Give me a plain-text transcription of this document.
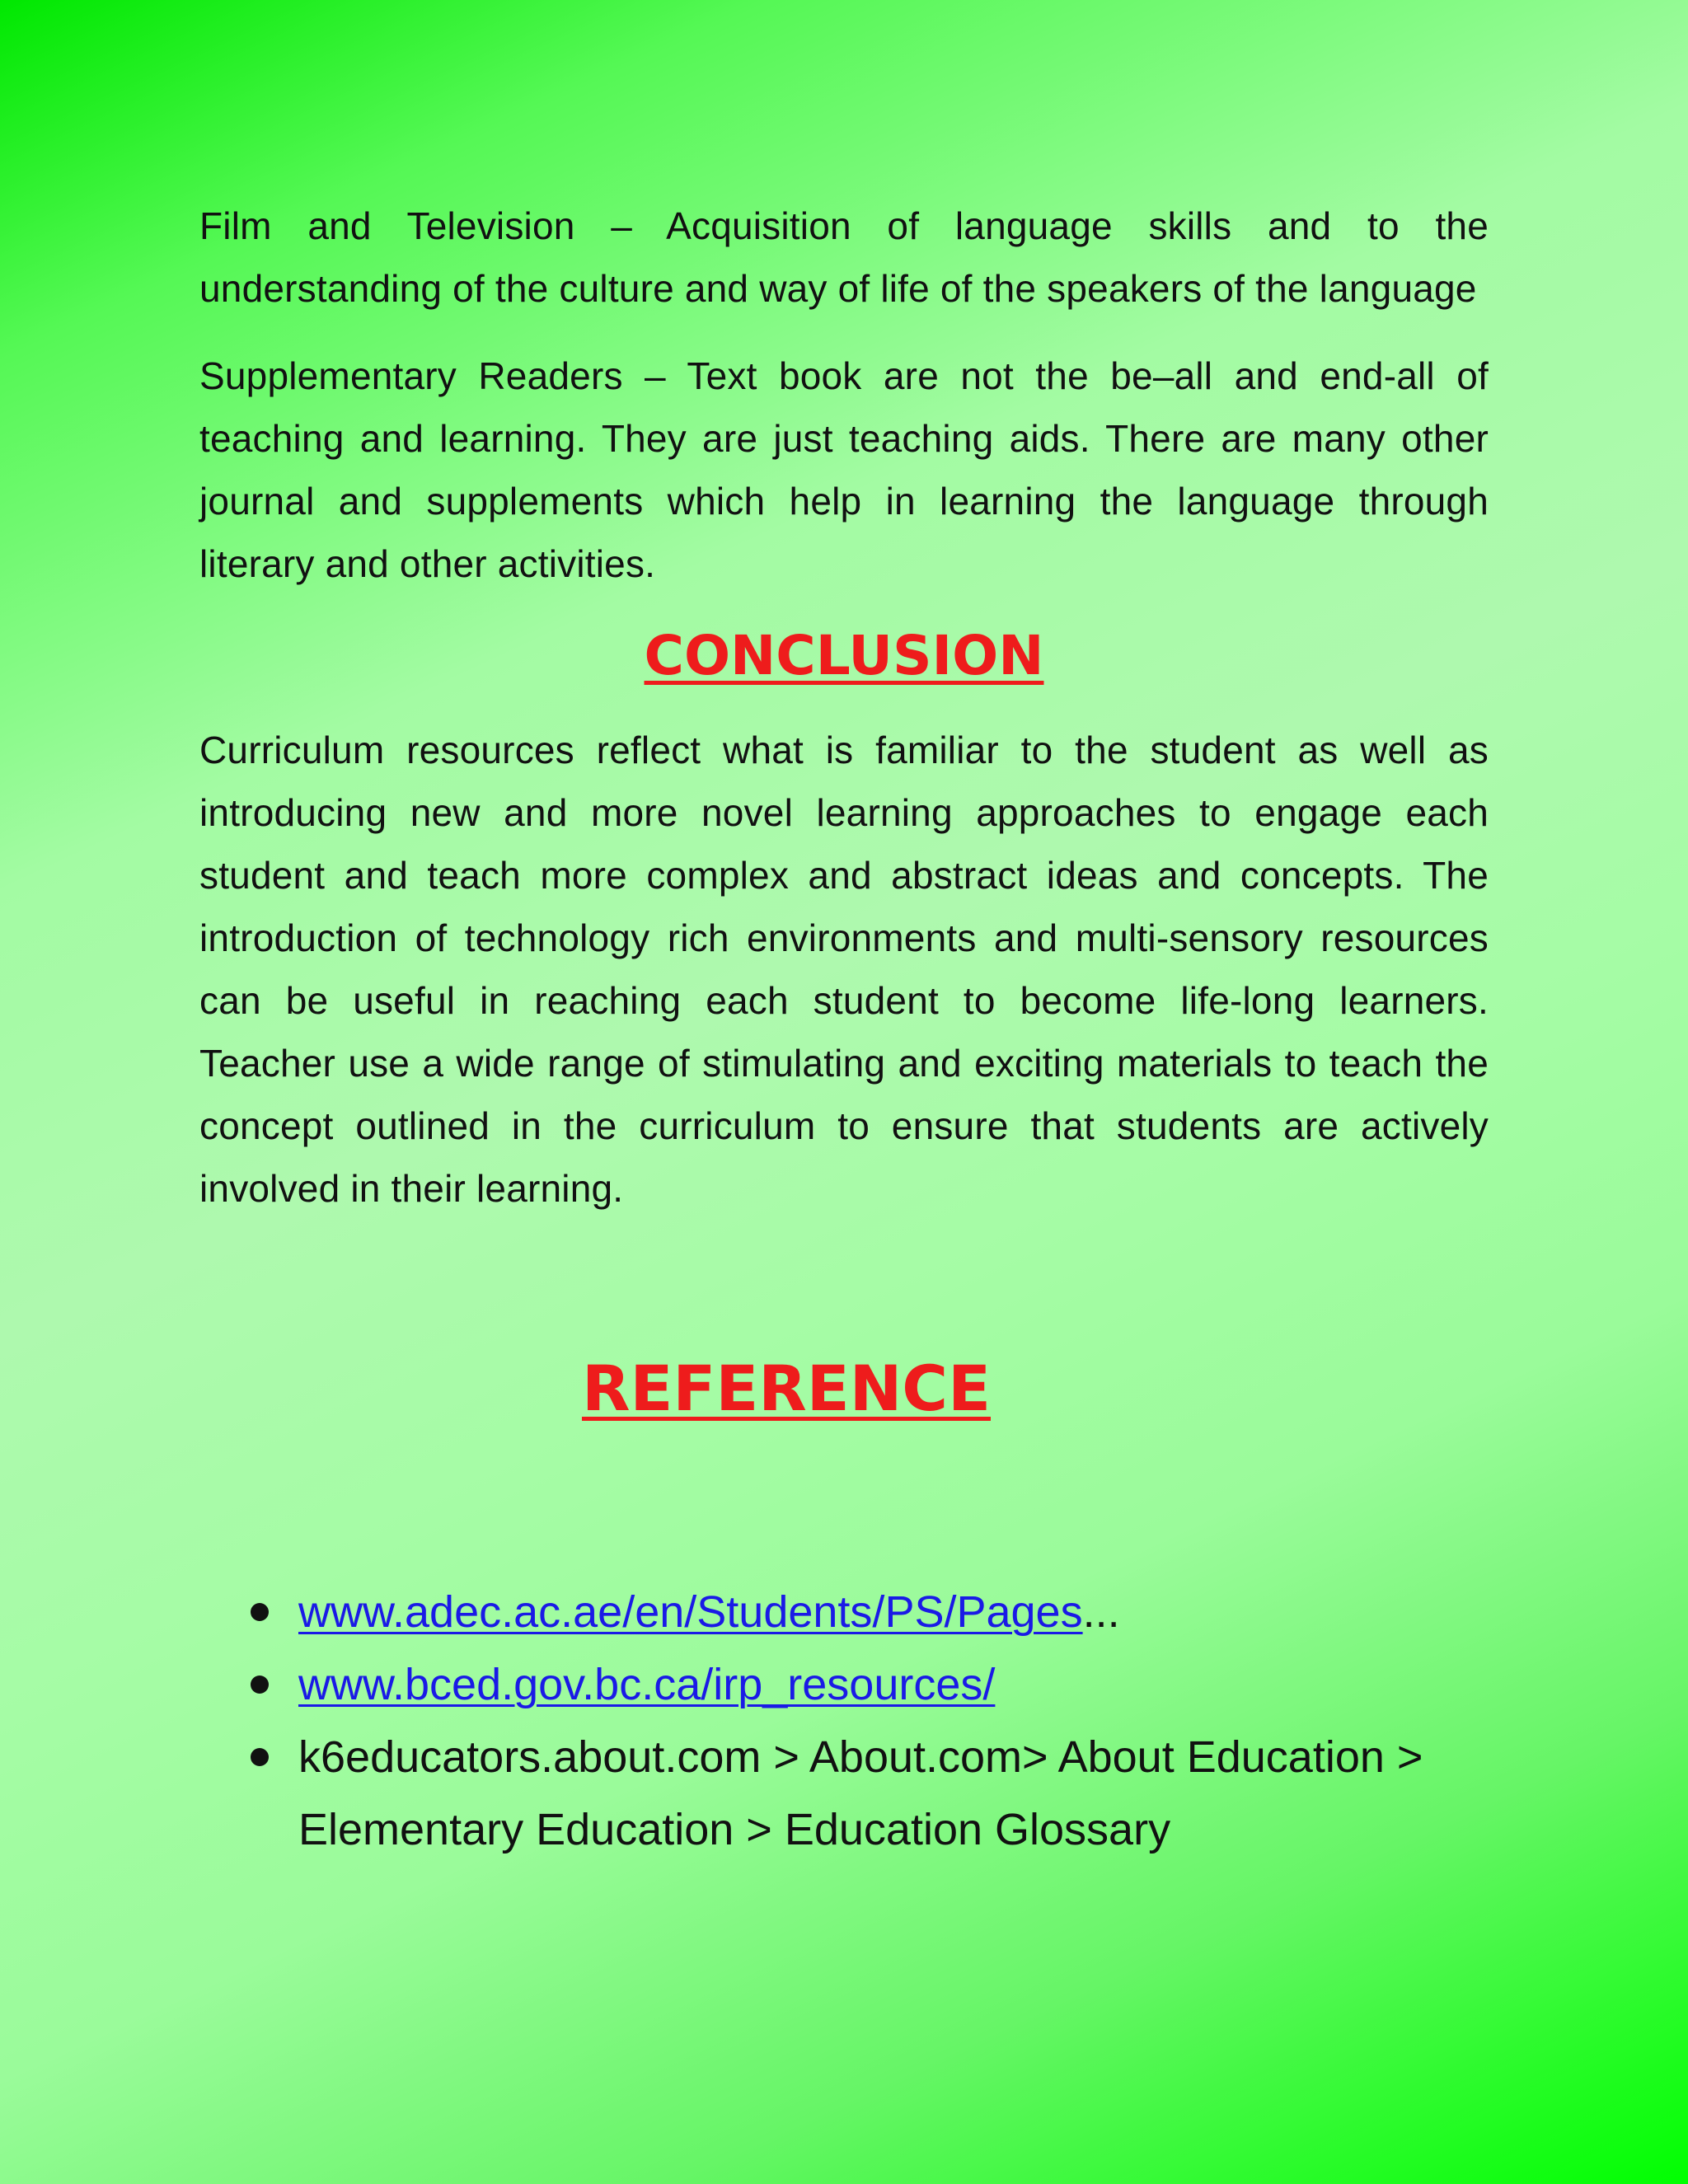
Film and Television – Acquisition of language skills and to the understanding of the culture and way of life of the speakers of the language

Supplementary Readers – Text book are not the be–all and end-all of teaching and learning. They are just teaching aids. There are many other journal and supplements which help in learning the language through literary and other activities.

CONCLUSION

Curriculum resources reflect what is familiar to the student as well as introducing new and more novel learning approaches to engage each student and teach more complex and abstract ideas and concepts. The introduction of technology rich environments and multi-sensory resources can be useful in reaching each student to become life-long learners. Teacher use a wide range of stimulating and exciting materials to teach the concept outlined in the curriculum to ensure that students are actively involved in their learning.

REFERENCE
www.adec.ac.ae/en/Students/PS/Pages...
www.bced.gov.bc.ca/irp_resources/
k6educators.about.com > About.com> About Education > Elementary Education > Education Glossary
